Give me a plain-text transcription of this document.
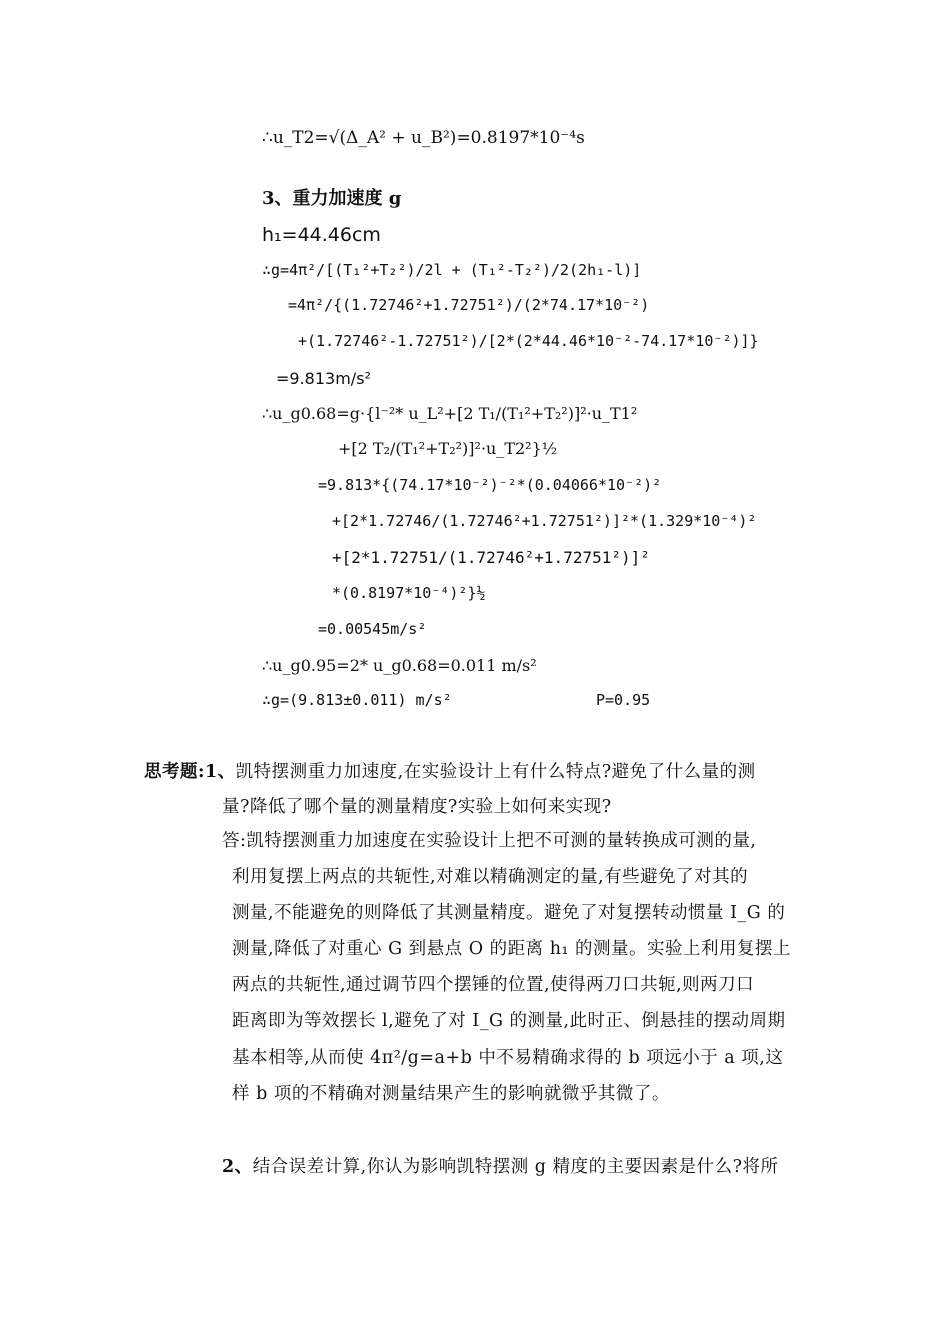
∴u_T2=√(Δ_A² + u_B²)=0.8197*10⁻⁴s
3、重力加速度 g
h₁=44.46cm
∴g=4π²/[(T₁²+T₂²)/2l + (T₁²-T₂²)/2(2h₁-l)]
=4π²/{(1.72746²+1.72751²)/(2*74.17*10⁻²)
+(1.72746²-1.72751²)/[2*(2*44.46*10⁻²-74.17*10⁻²)]}
=9.813m/s²
∴u_g0.68=g·{l⁻²* u_L²+[2 T₁/(T₁²+T₂²)]²·u_T1²
+[2 T₂/(T₁²+T₂²)]²·u_T2²}½
=9.813*{(74.17*10⁻²)⁻²*(0.04066*10⁻²)²
+[2*1.72746/(1.72746²+1.72751²)]²*(1.329*10⁻⁴)²
+[2*1.72751/(1.72746²+1.72751²)]²
*(0.8197*10⁻⁴)²}½
=0.00545m/s²
∴u_g0.95=2* u_g0.68=0.011 m/s²
∴g=(9.813±0.011) m/s²	P=0.95
思考题:1、凯特摆测重力加速度,在实验设计上有什么特点?避免了什么量的测
量?降低了哪个量的测量精度?实验上如何来实现?
答:凯特摆测重力加速度在实验设计上把不可测的量转换成可测的量,
利用复摆上两点的共轭性,对难以精确测定的量,有些避免了对其的
测量,不能避免的则降低了其测量精度。避免了对复摆转动惯量 I_G 的
测量,降低了对重心 G 到悬点 O 的距离 h₁ 的测量。实验上利用复摆上
两点的共轭性,通过调节四个摆锤的位置,使得两刀口共轭,则两刀口
距离即为等效摆长 l,避免了对 I_G 的测量,此时正、倒悬挂的摆动周期
基本相等,从而使 4π²/g=a+b 中不易精确求得的 b 项远小于 a 项,这
样 b 项的不精确对测量结果产生的影响就微乎其微了。
2、结合误差计算,你认为影响凯特摆测 g 精度的主要因素是什么?将所
